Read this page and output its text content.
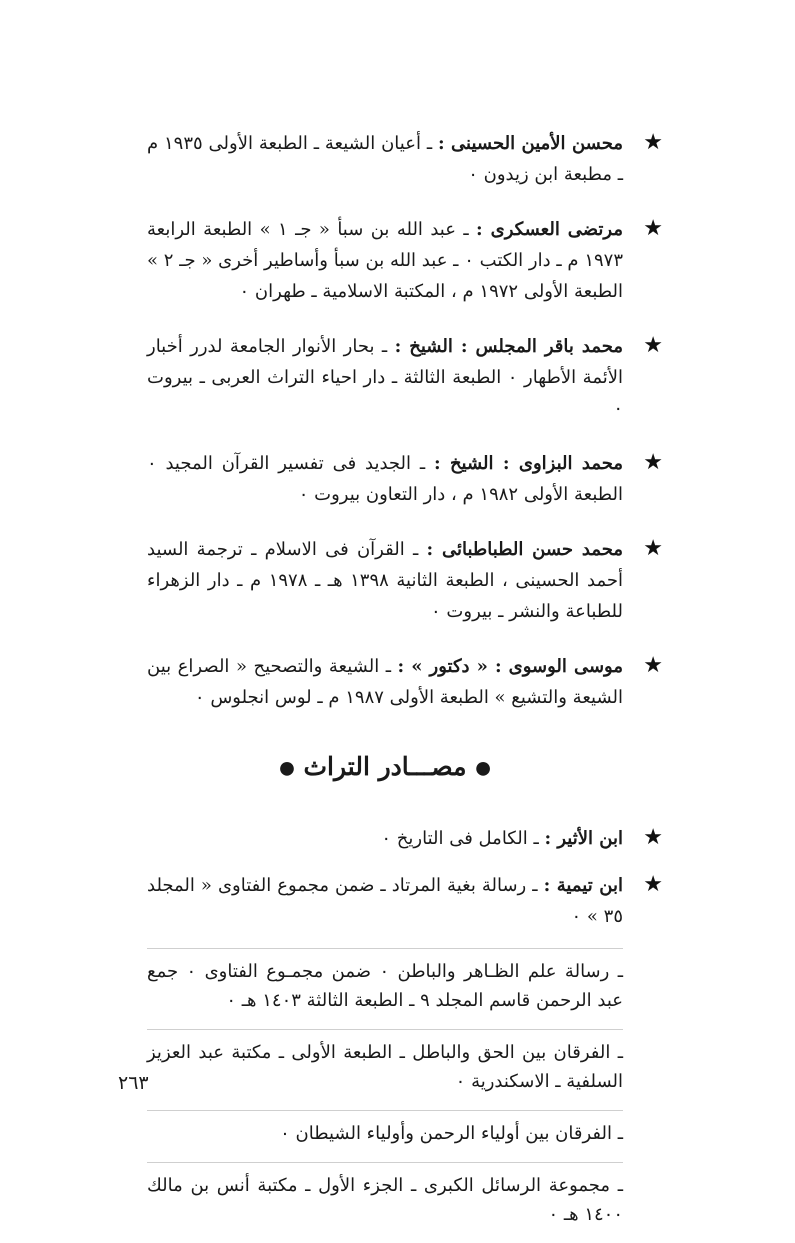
★
محسن الأمين الحسينى : ـ أعيان الشيعة ـ الطبعة الأولى ١٩٣٥ م ـ مطبعة ابن زيدون ٠
★
مرتضى العسكرى : ـ عبد الله بن سبأ « جـ ١ » الطبعة الرابعة ١٩٧٣ م ـ دار الكتب ٠ ـ عبد الله بن سبأ وأساطير أخرى « جـ ٢ » الطبعة الأولى ١٩٧٢ م ، المكتبة الاسلامية ـ طهران ٠
★
محمد باقر المجلس : الشيخ : ـ بحار الأنوار الجامعة لدرر أخبار الأئمة الأطهار ٠ الطبعة الثالثة ـ دار احياء التراث العربى ـ بيروت ٠
★
محمد البزاوى : الشيخ : ـ الجديد فى تفسير القرآن المجيد ٠ الطبعة الأولى ١٩٨٢ م ، دار التعاون بيروت ٠
★
محمد حسن الطباطبائى : ـ القرآن فى الاسلام ـ ترجمة السيد أحمد الحسينى ، الطبعة الثانية ١٣٩٨ هـ ـ ١٩٧٨ م ـ دار الزهراء للطباعة والنشر ـ بيروت ٠
★
موسى الوسوى : « دكتور » : ـ الشيعة والتصحيح « الصراع بين الشيعة والتشيع » الطبعة الأولى ١٩٨٧ م ـ لوس انجلوس ٠
● مصـــادر التراث ●
★
ابن الأثير : ـ الكامل فى التاريخ ٠
★
ابن تيمية : ـ رسالة بغية المرتاد ـ ضمن مجموع الفتاوى « المجلد ٣٥ » ٠
ـ رسالة علم الظـاهر والباطن ٠ ضمن مجمـوع الفتاوى ٠ جمع عبد الرحمن قاسم المجلد ٩ ـ الطبعة الثالثة ١٤٠٣ هـ ٠
ـ الفرقان بين الحق والباطل ـ الطبعة الأولى ـ مكتبة عبد العزيز السلفية ـ الاسكندرية ٠
ـ الفرقان بين أولياء الرحمن وأولياء الشيطان ٠
ـ مجموعة الرسائل الكبرى ـ الجزء الأول ـ مكتبة أنس بن مالك ١٤٠٠ هـ ٠
٢٦٣
